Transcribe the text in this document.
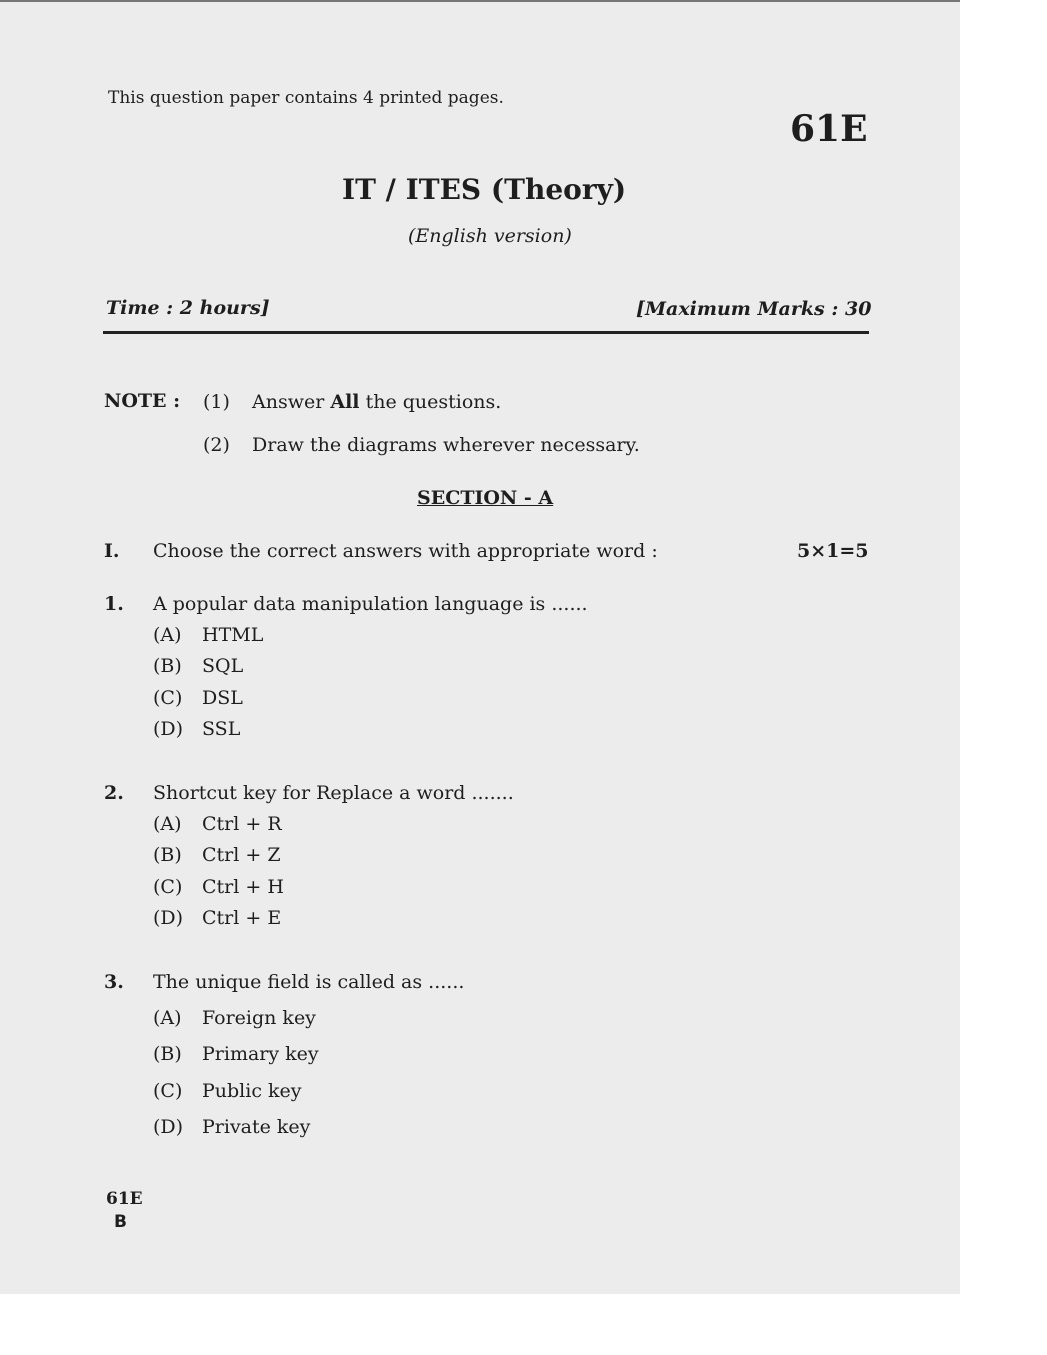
This question paper contains 4 printed pages.
61E
IT / ITES (Theory)
(English version)
Time : 2 hours]	[Maximum Marks : 30
NOTE : (1) Answer All the questions.
(2) Draw the diagrams wherever necessary.
SECTION - A
I. Choose the correct answers with appropriate word :	5×1=5
1. A popular data manipulation language is ......
(A) HTML
(B) SQL
(C) DSL
(D) SSL
2. Shortcut key for Replace a word .......
(A) Ctrl + R
(B) Ctrl + Z
(C) Ctrl + H
(D) Ctrl + E
3. The unique field is called as ......
(A) Foreign key
(B) Primary key
(C) Public key
(D) Private key
61E
B
